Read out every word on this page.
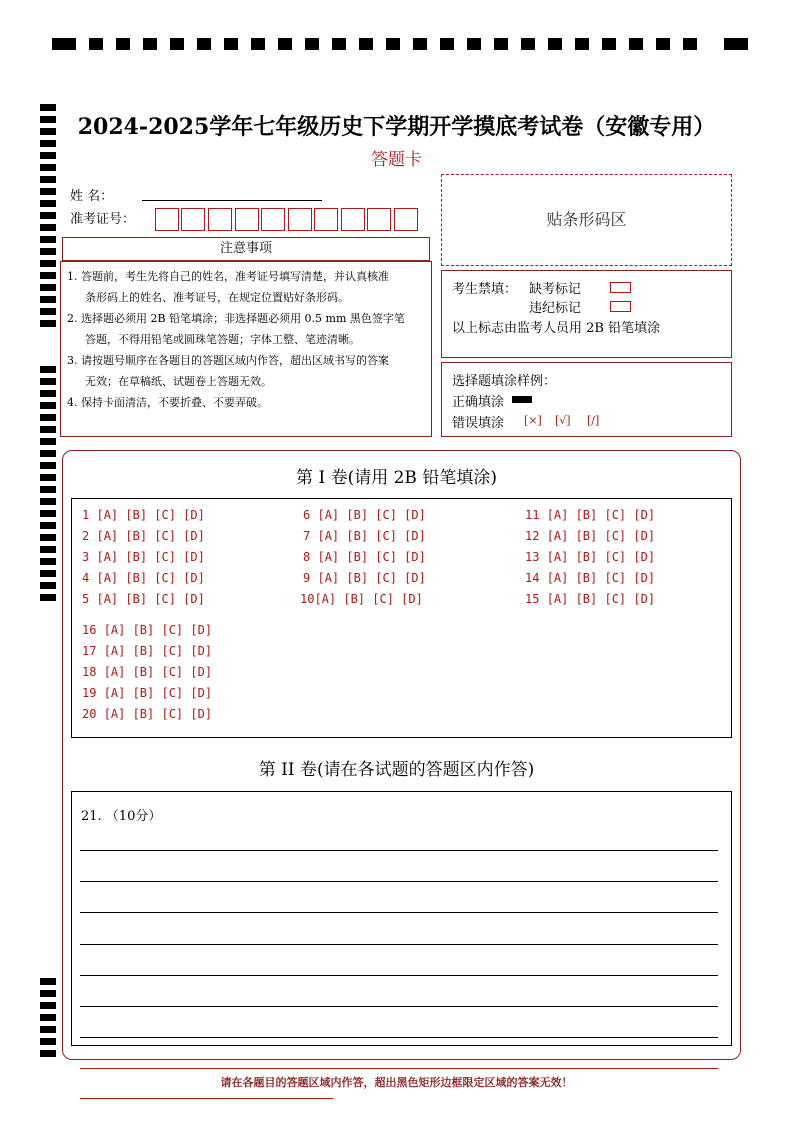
2024-2025学年七年级历史下学期开学摸底考试卷（安徽专用）
答题卡
姓 名：
准考证号：	贴条形码区
注意事项

1. 答题前，考生先将自己的姓名，准考证号填写清楚，并认真核准

条形码上的姓名、准考证号，在规定位置贴好条形码。

2. 选择题必须用 2B 铅笔填涂；非选择题必须用 0.5 mm 黑色签字笔

答题，不得用铅笔或圆珠笔答题；字体工整、笔迹清晰。

3. 请按题号顺序在各题目的答题区域内作答，超出区域书写的答案

无效；在草稿纸、试题卷上答题无效。

4. 保持卡面清洁，不要折叠、不要弄破。

考生禁填： 缺考标记
违纪标记
以上标志由监考人员用 2B 铅笔填涂
选择题填涂样例：
正确填涂
错误填涂 [×] [√] [/]
第 I 卷(请用 2B 铅笔填涂)
1 [A] [B] [C] [D]
2 [A] [B] [C] [D]
3 [A] [B] [C] [D]
4 [A] [B] [C] [D]
5 [A] [B] [C] [D]
6 [A] [B] [C] [D]
7 [A] [B] [C] [D]
8 [A] [B] [C] [D]
9 [A] [B] [C] [D]
10[A] [B] [C] [D]
11 [A] [B] [C] [D]
12 [A] [B] [C] [D]
13 [A] [B] [C] [D]
14 [A] [B] [C] [D]
15 [A] [B] [C] [D]
16 [A] [B] [C] [D]
17 [A] [B] [C] [D]
18 [A] [B] [C] [D]
19 [A] [B] [C] [D]
20 [A] [B] [C] [D]
第 II 卷(请在各试题的答题区内作答)
21. （10分）
请在各题目的答题区域内作答，超出黑色矩形边框限定区域的答案无效！
